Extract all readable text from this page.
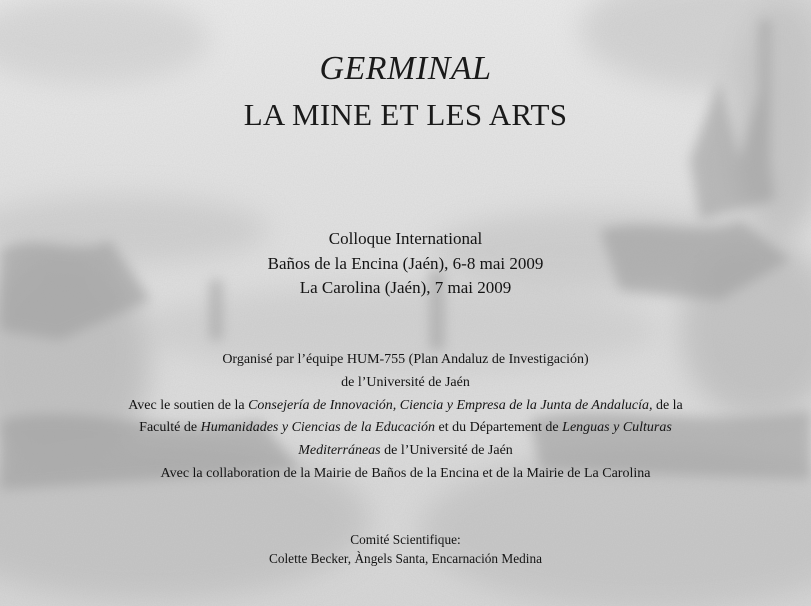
GERMINAL
LA MINE ET LES ARTS
Colloque International
Baños de la Encina (Jaén), 6-8 mai 2009
La Carolina (Jaén), 7 mai 2009
Organisé par l’équipe HUM-755 (Plan Andaluz de Investigación)
de l’Université de Jaén
Avec le soutien de la Consejería de Innovación, Ciencia y Empresa de la Junta de Andalucía, de la
Faculté de Humanidades y Ciencias de la Educación et du Département de Lenguas y Culturas
Mediterráneas de l’Université de Jaén
Avec la collaboration de la Mairie de Baños de la Encina et de la Mairie de La Carolina
Comité Scientifique:
Colette Becker, Àngels Santa, Encarnación Medina
